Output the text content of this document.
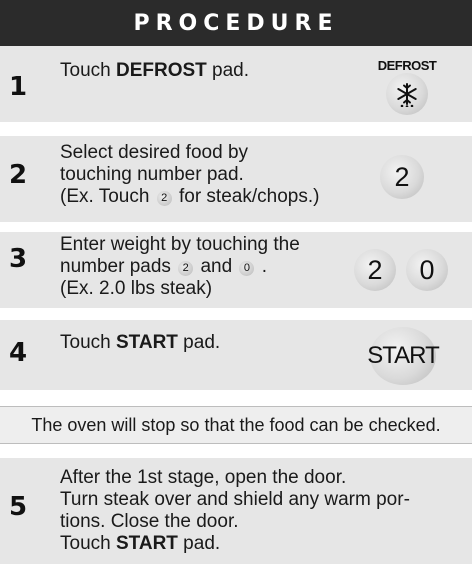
PROCEDURE
1
Touch DEFROST pad.	DEFROST
2
Select desired food by
touching number pad.
(Ex. Touch 2 for steak/chops.)
2
3 Enter weight by touching the
number pads 2 and 0 .
(Ex. 2.0 lbs steak)
2	0
4 Touch START pad.	START
The oven will stop so that the food can be checked.
5
After the 1st stage, open the door.
Turn steak over and shield any warm por-
tions. Close the door.
Touch START pad.
